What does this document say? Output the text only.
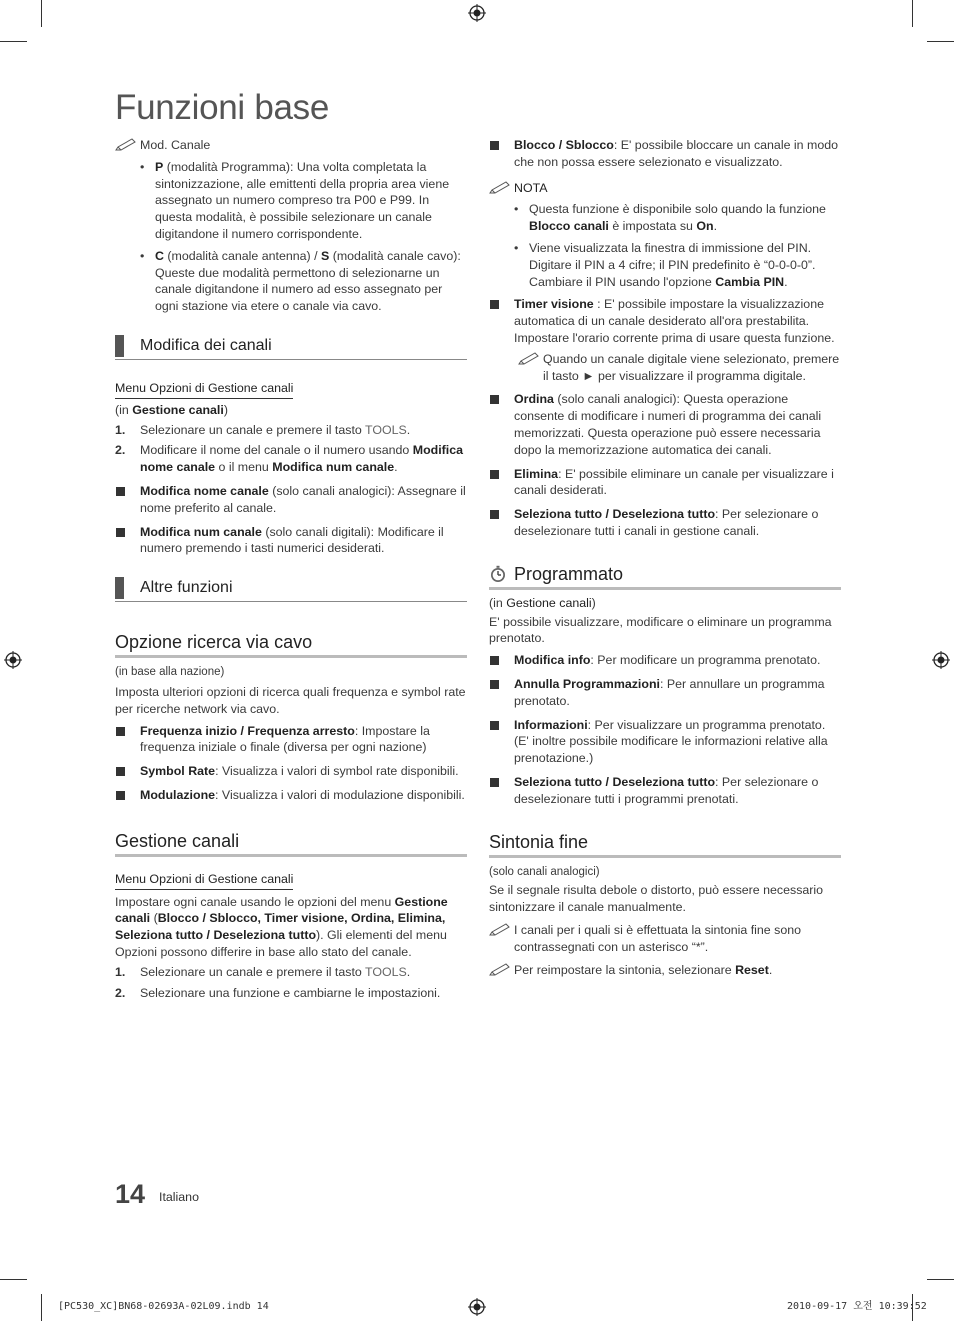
Funzioni base
Mod. Canale
• P (modalità Programma): Una volta completata la sintonizzazione, alle emittenti della propria area viene assegnato un numero compreso tra P00 e P99. In questa modalità, è possibile selezionare un canale digitandone il numero corrispondente.
• C (modalità canale antenna) / S (modalità canale cavo): Queste due modalità permettono di selezionarne un canale digitandone il numero ad esso assegnato per ogni stazione via etere o canale via cavo.
Modifica dei canali
Menu Opzioni di Gestione canali

(in Gestione canali)

1. Selezionare un canale e premere il tasto TOOLS.
2. Modificare il nome del canale o il numero usando Modifica nome canale o il menu Modifica num canale.
Modifica nome canale (solo canali analogici): Assegnare il nome preferito al canale.
Modifica num canale (solo canali digitali): Modificare il numero premendo i tasti numerici desiderati.
Altre funzioni
Opzione ricerca via cavo

(in base alla nazione)

Imposta ulteriori opzioni di ricerca quali frequenza e symbol rate per ricerche network via cavo.

Frequenza inizio / Frequenza arresto: Impostare la frequenza iniziale o finale (diversa per ogni nazione)
Symbol Rate: Visualizza i valori di symbol rate disponibili.
Modulazione: Visualizza i valori di modulazione disponibili.
Gestione canali
Menu Opzioni di Gestione canali

Impostare ogni canale usando le opzioni del menu Gestione canali (Blocco / Sblocco, Timer visione, Ordina, Elimina, Seleziona tutto / Deseleziona tutto). Gli elementi del menu Opzioni possono differire in base allo stato del canale.

1. Selezionare un canale e premere il tasto TOOLS.
2. Selezionare una funzione e cambiarne le impostazioni.
Blocco / Sblocco: E' possibile bloccare un canale in modo che non possa essere selezionato e visualizzato.
NOTA
• Questa funzione è disponibile solo quando la funzione Blocco canali è impostata su On.
• Viene visualizzata la finestra di immissione del PIN. Digitare il PIN a 4 cifre; il PIN predefinito è “0-0-0-0”. Cambiare il PIN usando l'opzione Cambia PIN.
Timer visione : E' possibile impostare la visualizzazione automatica di un canale desiderato all'ora prestabilita. Impostare l'orario corrente prima di usare questa funzione.
Quando un canale digitale viene selezionato, premere il tasto ► per visualizzare il programma digitale.
Ordina (solo canali analogici): Questa operazione consente di modificare i numeri di programma dei canali memorizzati. Questa operazione può essere necessaria dopo la memorizzazione automatica dei canali.
Elimina: E' possibile eliminare un canale per visualizzare i canali desiderati.
Seleziona tutto / Deseleziona tutto: Per selezionare o deselezionare tutti i canali in gestione canali.
Programmato

(in Gestione canali)

E' possibile visualizzare, modificare o eliminare un programma prenotato.

Modifica info: Per modificare un programma prenotato.
Annulla Programmazioni: Per annullare un programma prenotato.
Informazioni: Per visualizzare un programma prenotato. (E' inoltre possibile modificare le informazioni relative alla prenotazione.)
Seleziona tutto / Deseleziona tutto: Per selezionare o deselezionare tutti i programmi prenotati.
Sintonia fine

(solo canali analogici)

Se il segnale risulta debole o distorto, può essere necessario sintonizzare il canale manualmente.

I canali per i quali si è effettuata la sintonia fine sono contrassegnati con un asterisco “*”.
Per reimpostare la sintonia, selezionare Reset.
14 Italiano
[PC530_XC]BN68-02693A-02L09.indb 14	2010-09-17 오전 10:39:52
